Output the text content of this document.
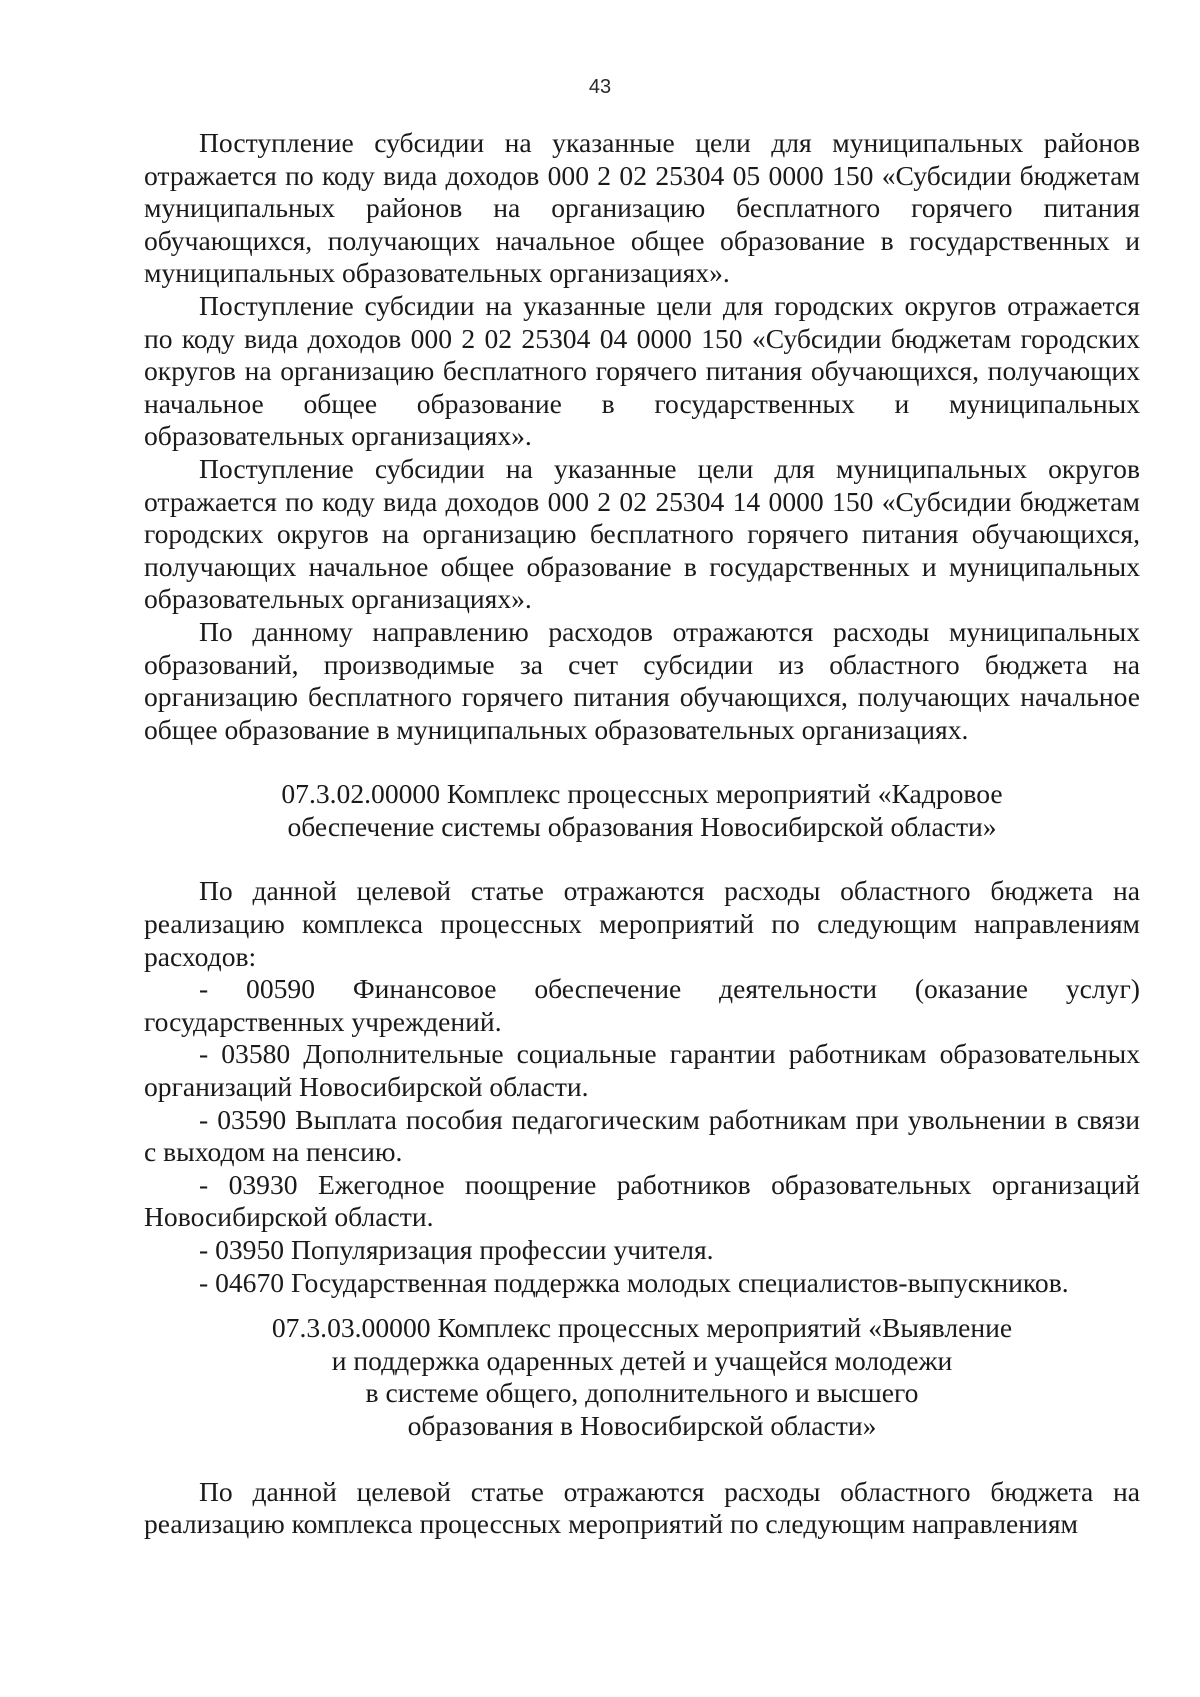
43

Поступление субсидии на указанные цели для муниципальных районов отражается по коду вида доходов 000 2 02 25304 05 0000 150 «Субсидии бюджетам муниципальных районов на организацию бесплатного горячего питания обучающихся, получающих начальное общее образование в государственных и муниципальных образовательных организациях».

Поступление субсидии на указанные цели для городских округов отражается по коду вида доходов 000 2 02 25304 04 0000 150 «Субсидии бюджетам городских округов на организацию бесплатного горячего питания обучающихся, получающих начальное общее образование в государственных и муниципальных образовательных организациях».

Поступление субсидии на указанные цели для муниципальных округов отражается по коду вида доходов 000 2 02 25304 14 0000 150 «Субсидии бюджетам городских округов на организацию бесплатного горячего питания обучающихся, получающих начальное общее образование в государственных и муниципальных образовательных организациях».

По данному направлению расходов отражаются расходы муниципальных образований, производимые за счет субсидии из областного бюджета на организацию бесплатного горячего питания обучающихся, получающих начальное общее образование в муниципальных образовательных организациях.

07.3.02.00000 Комплекс процессных мероприятий «Кадровое
обеспечение системы образования Новосибирской области»

По данной целевой статье отражаются расходы областного бюджета на реализацию комплекса процессных мероприятий по следующим направлениям расходов:

- 00590 Финансовое обеспечение деятельности (оказание услуг) государственных учреждений.

- 03580 Дополнительные социальные гарантии работникам образовательных организаций Новосибирской области.

- 03590 Выплата пособия педагогическим работникам при увольнении в связи с выходом на пенсию.

- 03930 Ежегодное поощрение работников образовательных организаций Новосибирской области.

- 03950 Популяризация профессии учителя.

- 04670 Государственная поддержка молодых специалистов-выпускников.

07.3.03.00000 Комплекс процессных мероприятий «Выявление
и поддержка одаренных детей и учащейся молодежи
в системе общего, дополнительного и высшего
образования в Новосибирской области»

По данной целевой статье отражаются расходы областного бюджета на реализацию комплекса процессных мероприятий по следующим направлениям
